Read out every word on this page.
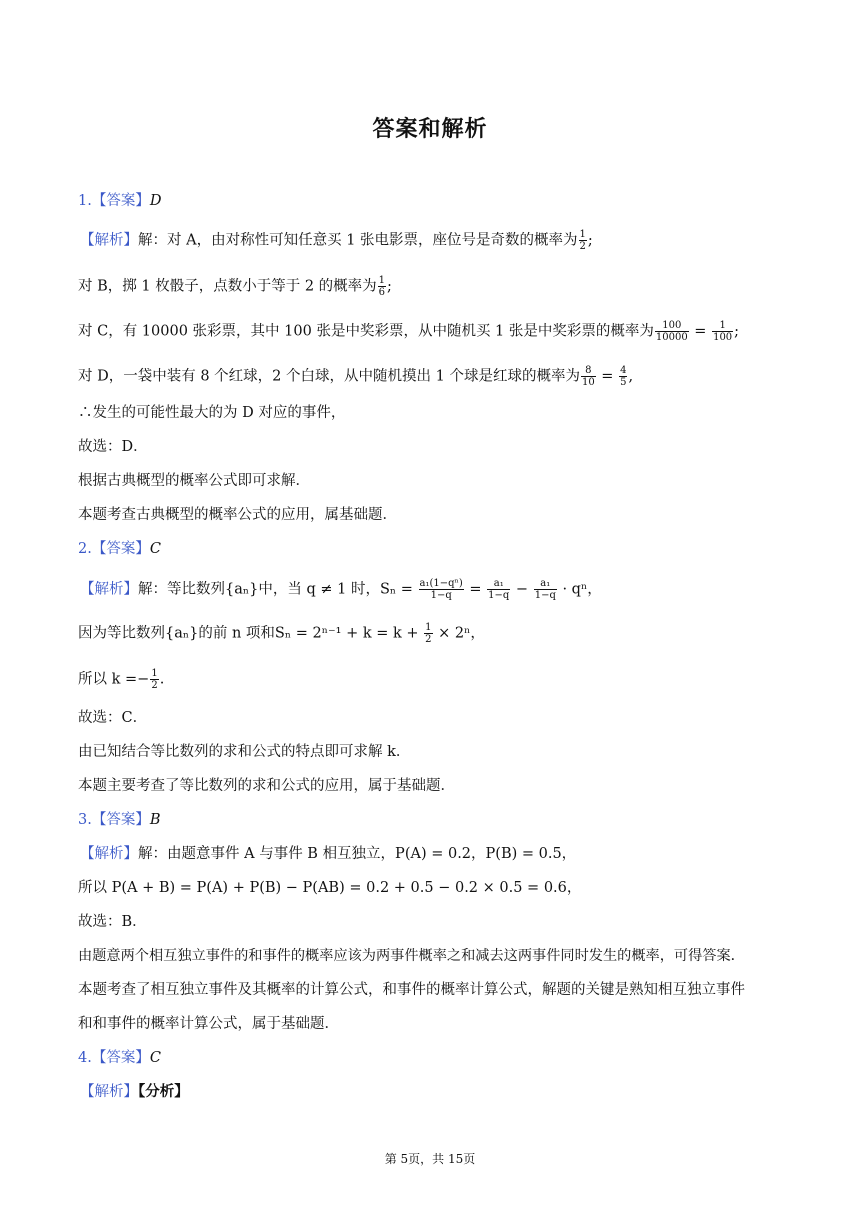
答案和解析
1.【答案】D
【解析】解：对 A，由对称性可知任意买 1 张电影票，座位号是奇数的概率为 $\frac{1}{2}$ ;
对 B，掷 1 枚骰子，点数小于等于 2 的概率为 $\frac{1}{6}$ ;
对 C，有 10000 张彩票，其中 100 张是中奖彩票，从中随机买 1 张是中奖彩票的概率为 $\frac{100}{10000} = \frac{1}{100}$ ;
对 D，一袋中装有 8 个红球，2 个白球，从中随机摸出 1 个球是红球的概率为 $\frac{8}{10} = \frac{4}{5}$ ,
∴发生的可能性最大的为 D 对应的事件，
故选：D．
根据古典概型的概率公式即可求解．
本题考查古典概型的概率公式的应用，属基础题．
2.【答案】C
【解析】解：等比数列{aₙ}中，当 q ≠ 1 时，$S_n = \frac{\text{a₁(1−qⁿ)}}{1-q} = \frac{\text{a₁}}{1-q} - \frac{\text{a₁}}{1-q} \cdot q^n$，
因为等比数列{aₙ}的前 n 项和$S_n = 2^{n-1} + k = k + \frac{1}{2} \times 2^n$，
所以 $k =- \frac{1}{2}$ .
故选：C．
由已知结合等比数列的求和公式的特点即可求解 k．
本题主要考查了等比数列的求和公式的应用，属于基础题．
3.【答案】B
【解析】解：由题意事件 A 与事件 B 相互独立，P(A) = 0.2，P(B) = 0.5，
所以 P(A + B) = P(A) + P(B) − P(AB) = 0.2 + 0.5 − 0.2 × 0.5 = 0.6，
故选：B．
由题意两个相互独立事件的和事件的概率应该为两事件概率之和减去这两事件同时发生的概率，可得答案．
本题考查了相互独立事件及其概率的计算公式，和事件的概率计算公式，解题的关键是熟知相互独立事件
和和事件的概率计算公式，属于基础题．
4.【答案】C
【解析】【分析】
第 5页，共 15页
